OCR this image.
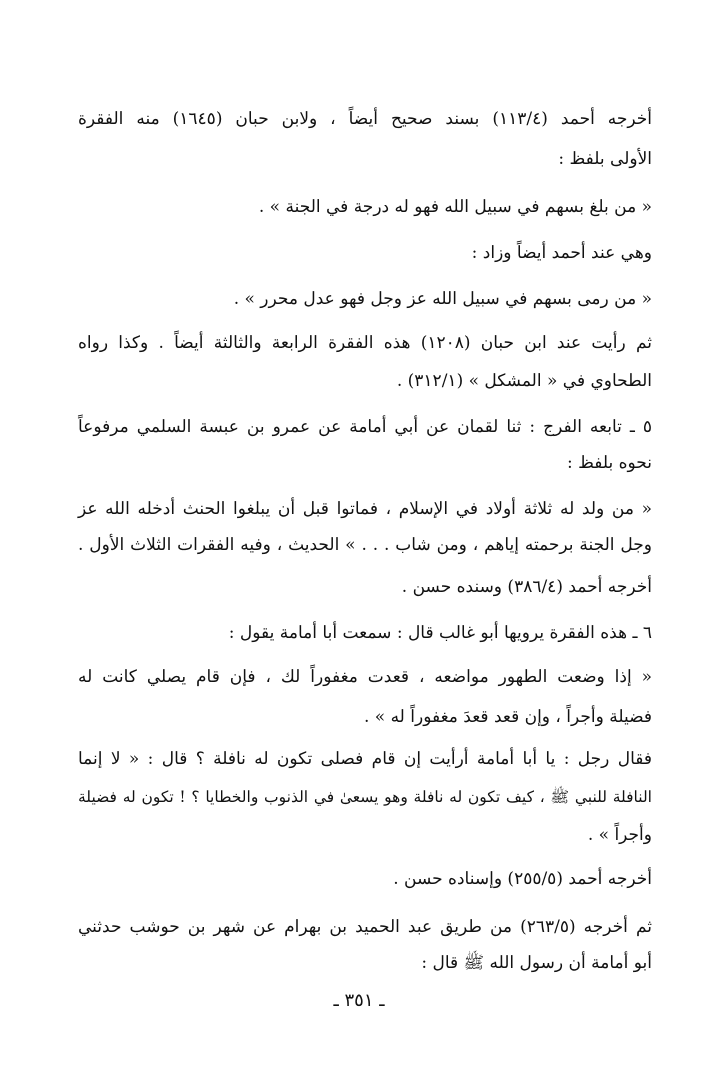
أخرجه أحمد (١١٣/٤) بسند صحيح أيضاً ، ولابن حبان (١٦٤٥) منه الفقرة
الأولى بلفظ :
« من بلغ بسهم في سبيل الله فهو له درجة في الجنة » .
وهي عند أحمد أيضاً وزاد :
« من رمى بسهم في سبيل الله عز وجل فهو عدل محرر » .
ثم رأيت عند ابن حبان (١٢٠٨) هذه الفقرة الرابعة والثالثة أيضاً . وكذا رواه
الطحاوي في « المشكل » (٣١٢/١) .
٥ ـ تابعه الفرج : ثنا لقمان عن أبي أمامة عن عمرو بن عبسة السلمي مرفوعاً
نحوه بلفظ :
« من ولد له ثلاثة أولاد في الإسلام ، فماتوا قبل أن يبلغوا الحنث أدخله الله عز
وجل الجنة برحمته إياهم ، ومن شاب . . . » الحديث ، وفيه الفقرات الثلاث الأول .
أخرجه أحمد (٣٨٦/٤) وسنده حسن .
٦ ـ هذه الفقرة يرويها أبو غالب قال : سمعت أبا أمامة يقول :
« إذا وضعت الطهور مواضعه ، قعدت مغفوراً لك ، فإن قام يصلي كانت له
فضيلة وأجراً ، وإن قعد قعدَ مغفوراً له » .
فقال رجل : يا أبا أمامة أرأيت إن قام فصلى تكون له نافلة ؟ قال : « لا إنما
النافلة للنبي ﷺ ، كيف تكون له نافلة وهو يسعىٰ في الذنوب والخطايا ؟ ! تكون له فضيلة
وأجراً » .
أخرجه أحمد (٢٥٥/٥) وإسناده حسن .
ثم أخرجه (٢٦٣/٥) من طريق عبد الحميد بن بهرام عن شهر بن حوشب حدثني
أبو أمامة أن رسول الله ﷺ قال :
ـ ٣٥١ ـ
